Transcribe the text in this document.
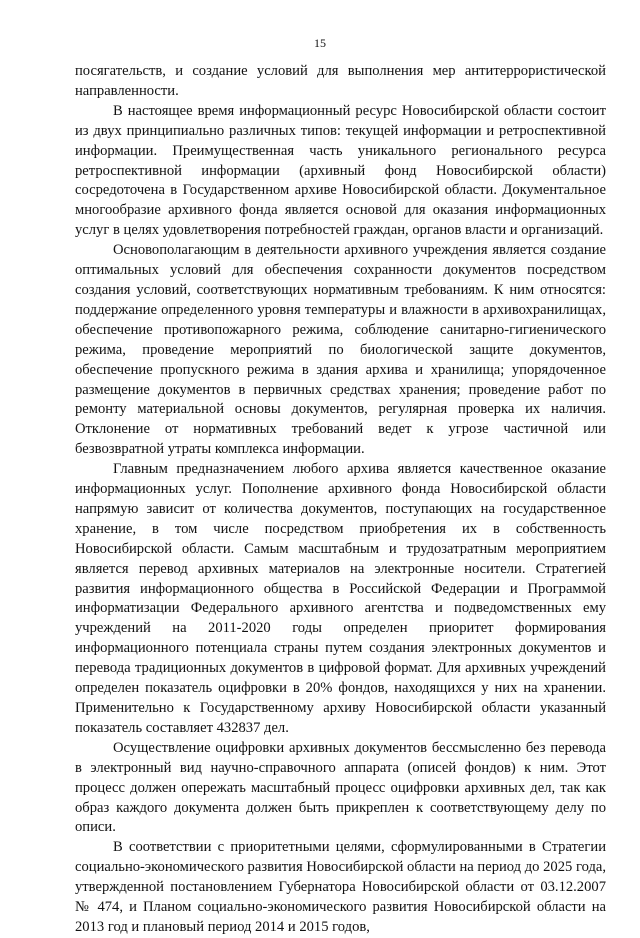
15

посягательств, и создание условий для выполнения мер антитеррористической направленности.

В настоящее время информационный ресурс Новосибирской области состоит из двух принципиально различных типов: текущей информации и ретроспективной информации. Преимущественная часть уникального регионального ресурса ретроспективной информации (архивный фонд Новосибирской области) сосредоточена в Государственном архиве Новосибирской области. Документальное многообразие архивного фонда является основой для оказания информационных услуг в целях удовлетворения потребностей граждан, органов власти и организаций.

Основополагающим в деятельности архивного учреждения является создание оптимальных условий для обеспечения сохранности документов посредством создания условий, соответствующих нормативным требованиям. К ним относятся: поддержание определенного уровня температуры и влажности в архивохранилищах, обеспечение противопожарного режима, соблюдение санитарно-гигиенического режима, проведение мероприятий по биологической защите документов, обеспечение пропускного режима в здания архива и хранилища; упорядоченное размещение документов в первичных средствах хранения; проведение работ по ремонту материальной основы документов, регулярная проверка их наличия. Отклонение от нормативных требований ведет к угрозе частичной или безвозвратной утраты комплекса информации.

Главным предназначением любого архива является качественное оказание информационных услуг. Пополнение архивного фонда Новосибирской области напрямую зависит от количества документов, поступающих на государственное хранение, в том числе посредством приобретения их в собственность Новосибирской области. Самым масштабным и трудозатратным мероприятием является перевод архивных материалов на электронные носители. Стратегией развития информационного общества в Российской Федерации и Программой информатизации Федерального архивного агентства и подведомственных ему учреждений на 2011-2020 годы определен приоритет формирования информационного потенциала страны путем создания электронных документов и перевода традиционных документов в цифровой формат. Для архивных учреждений определен показатель оцифровки в 20% фондов, находящихся у них на хранении. Применительно к Государственному архиву Новосибирской области указанный показатель составляет 432837 дел.

Осуществление оцифровки архивных документов бессмысленно без перевода в электронный вид научно-справочного аппарата (описей фондов) к ним. Этот процесс должен опережать масштабный процесс оцифровки архивных дел, так как образ каждого документа должен быть прикреплен к соответствующему делу по описи.

В соответствии с приоритетными целями, сформулированными в Стратегии социально-экономического развития Новосибирской области на период до 2025 года, утвержденной постановлением Губернатора Новосибирской области от 03.12.2007 № 474, и Планом социально-экономического развития Новосибирской области на 2013 год и плановый период 2014 и 2015 годов,
